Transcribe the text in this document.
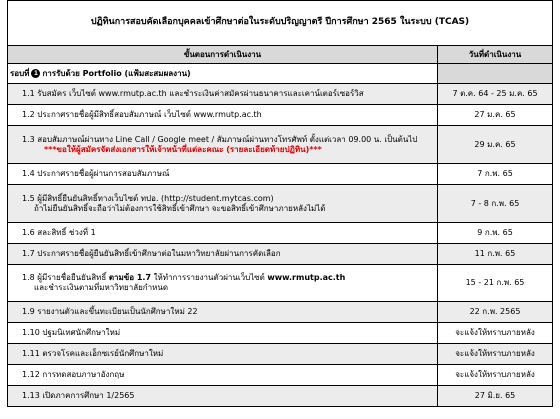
ปฏิทินการสอบคัดเลือกบุคคลเข้าศึกษาต่อในระดับปริญญาตรี ปีการศึกษา 2565 ในระบบ (TCAS)	
ขั้นตอนการดำเนินงาน	วันที่ดำเนินงาน
รอบที่ 1 การรับด้วย Portfolio (แฟ้มสะสมผลงาน)	
1.1 รับสมัคร เว็บไซต์ www.rmutp.ac.th และชำระเงินค่าสมัครผ่านธนาคารและเคาน์เตอร์เซอร์วิส	7 ต.ค. 64 - 25 ม.ค. 65
1.2 ประกาศรายชื่อผู้มีสิทธิ์สอบสัมภาษณ์ เว็บไซต์ www.rmutp.ac.th	27 ม.ค. 65
1.3 สอบสัมภาษณ์ผ่านทาง Line Call / Google meet / สัมภาษณ์ผ่านทางโทรศัพท์ ตั้งแต่เวลา 09.00 น. เป็นต้นไป
***ขอให้ผู้สมัครจัดส่งเอกสารให้เจ้าหน้าที่แต่ละคณะ (รายละเอียดท้ายปฏิทิน)***	29 ม.ค. 65
1.4 ประกาศรายชื่อผู้ผ่านการสอบสัมภาษณ์	7 ก.พ. 65
1.5 ผู้มีสิทธิ์ยืนยันสิทธิ์ทางเว็บไซต์ ทปอ. (http://student.mytcas.com)
ถ้าไม่ยืนยันสิทธิ์จะถือว่าไม่ต้องการใช้สิทธิ์เข้าศึกษา จะขอสิทธิ์เข้าศึกษาภายหลังไม่ได้	7 - 8 ก.พ. 65
1.6 สละสิทธิ์ ช่วงที่ 1	9 ก.พ. 65
1.7 ประกาศรายชื่อผู้ยืนยันสิทธิ์เข้าศึกษาต่อในมหาวิทยาลัยผ่านการคัดเลือก	11 ก.พ. 65
1.8 ผู้มีรายชื่อยืนยันสิทธิ์ ตามข้อ 1.7 ให้ทำการรายงานตัวผ่านเว็บไซต์ www.rmutp.ac.th
และชำระเงินตามที่มหาวิทยาลัยกำหนด	15 - 21 ก.พ. 65
1.9 รายงานตัวและขึ้นทะเบียนเป็นนักศึกษาใหม่ 22	22 ก.พ. 2565
1.10 ปฐมนิเทศนักศึกษาใหม่	จะแจ้งให้ทราบภายหลัง
1.11 ตรวจโรคและเอ็กซเรย์นักศึกษาใหม่	จะแจ้งให้ทราบภายหลัง
1.12 การทดสอบภาษาอังกฤษ	จะแจ้งให้ทราบภายหลัง
1.13 เปิดภาคการศึกษา 1/2565	27 มิ.ย. 65
